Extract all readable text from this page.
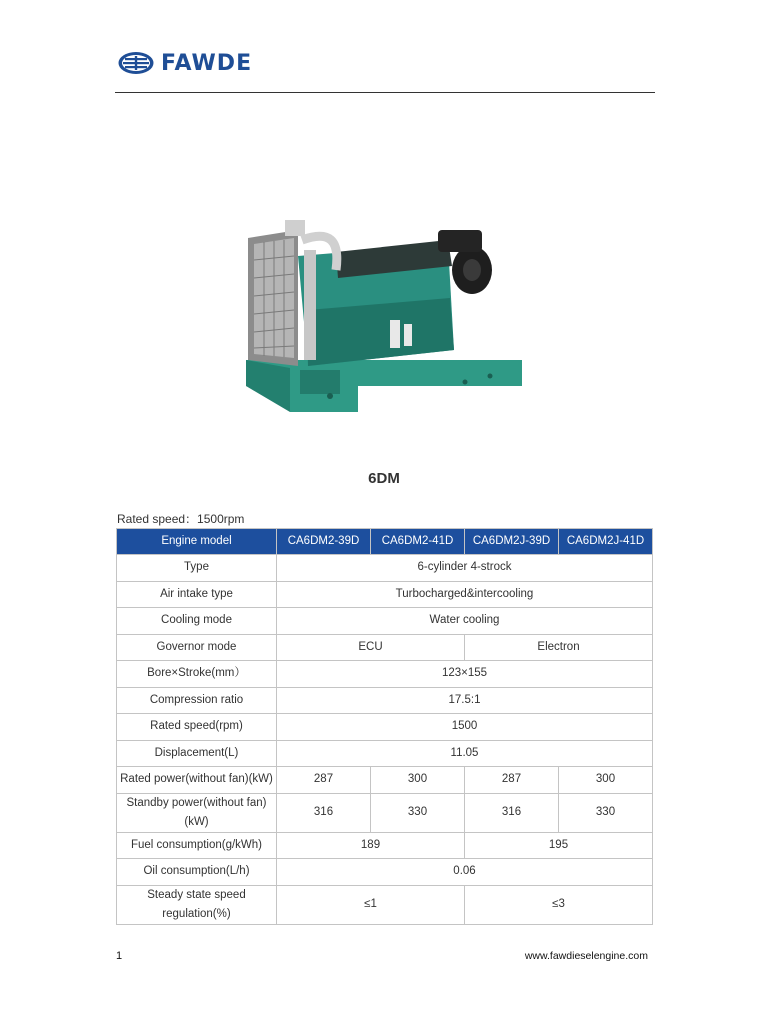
FAWDE
6DM
Rated speed：1500rpm
Engine model	CA6DM2-39D	CA6DM2-41D	CA6DM2J-39D	CA6DM2J-41D
Type	6-cylinder 4-strock			
Air intake type	Turbocharged&intercooling			
Cooling mode	Water cooling			
Governor mode	ECU		Electron	
Bore×Stroke(mm）	123×155			
Compression ratio	17.5:1			
Rated speed(rpm)	1500			
Displacement(L)	11.05			
Rated power(without fan)(kW)	287	300	287	300
Standby power(without fan)(kW)	316	330	316	330
Fuel consumption(g/kWh)	189		195	
Oil consumption(L/h)	0.06			
Steady state speed regulation(%)	≤1		≤3	
1	www.fawdieselengine.com
